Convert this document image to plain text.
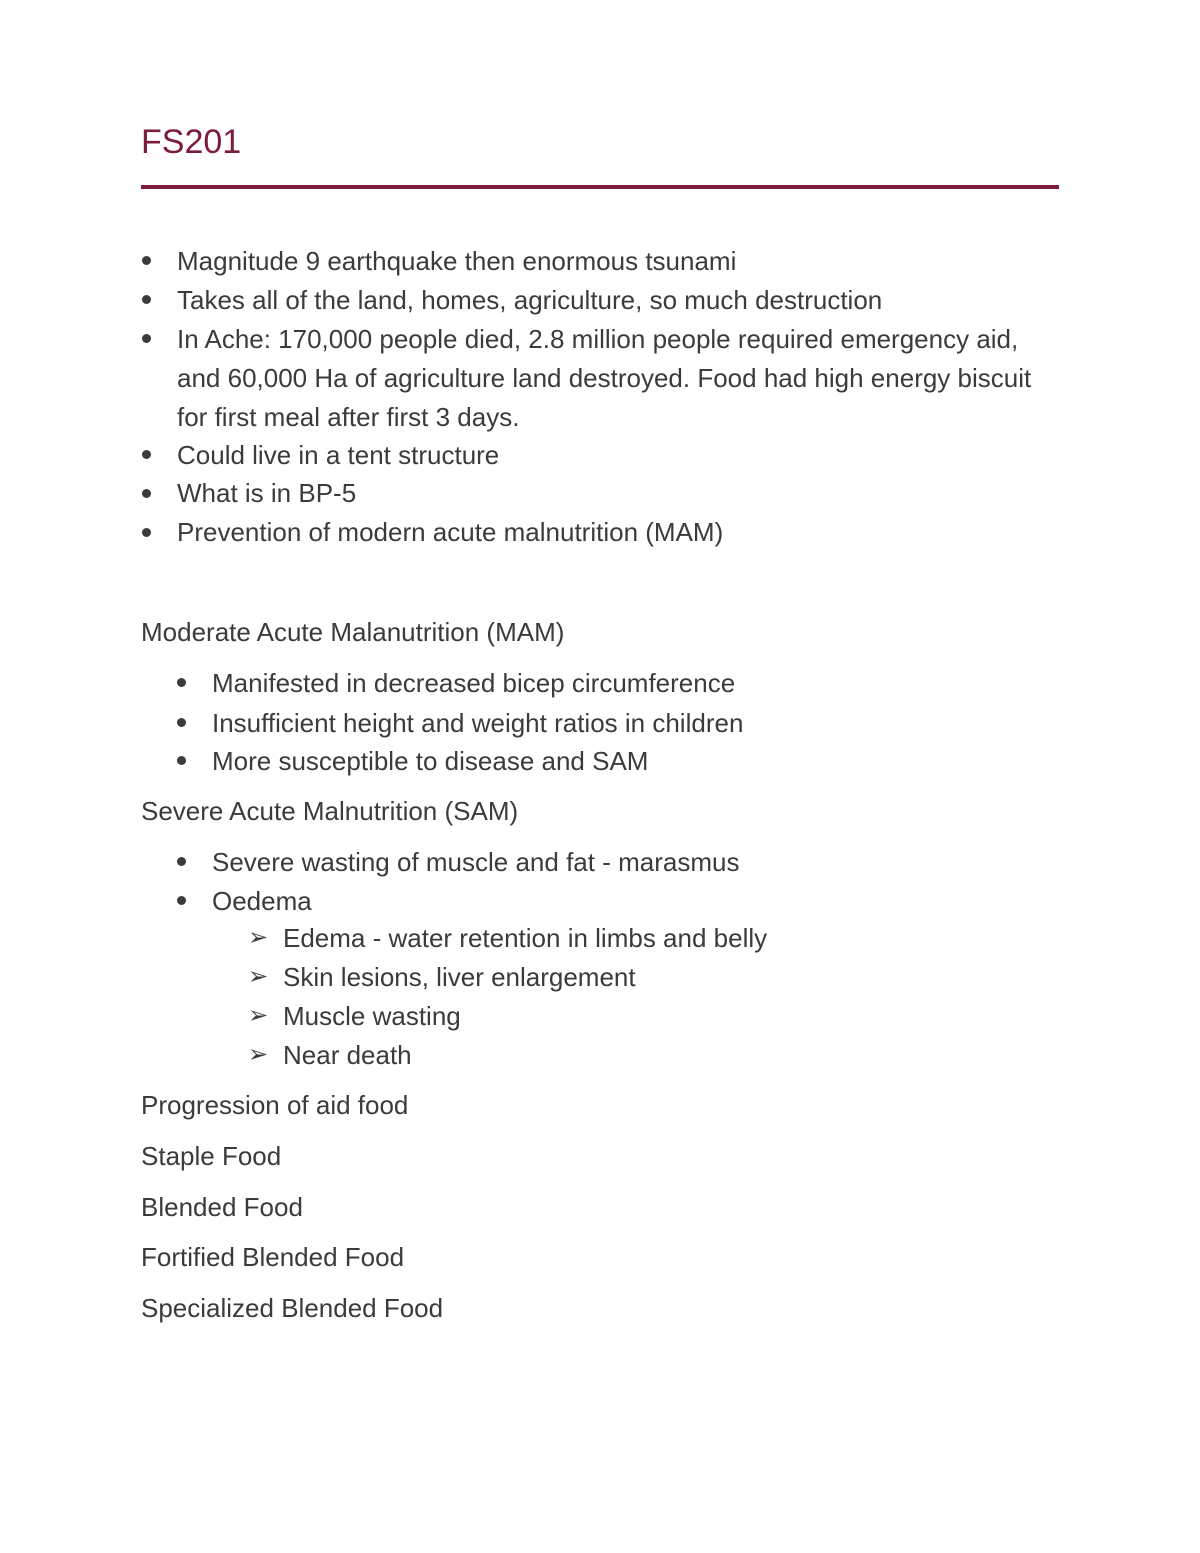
FS201
Magnitude 9 earthquake then enormous tsunami
Takes all of the land, homes, agriculture, so much destruction
In Ache: 170,000 people died, 2.8 million people required emergency aid,
and 60,000 Ha of agriculture land destroyed. Food had high energy biscuit
for first meal after first 3 days.
Could live in a tent structure
What is in BP-5
Prevention of modern acute malnutrition (MAM)
Moderate Acute Malanutrition (MAM)
Manifested in decreased bicep circumference
Insufficient height and weight ratios in children
More susceptible to disease and SAM
Severe Acute Malnutrition (SAM)
Severe wasting of muscle and fat - marasmus
Oedema
➢ Edema - water retention in limbs and belly
➢ Skin lesions, liver enlargement
➢ Muscle wasting
➢ Near death
Progression of aid food
Staple Food
Blended Food
Fortified Blended Food
Specialized Blended Food
